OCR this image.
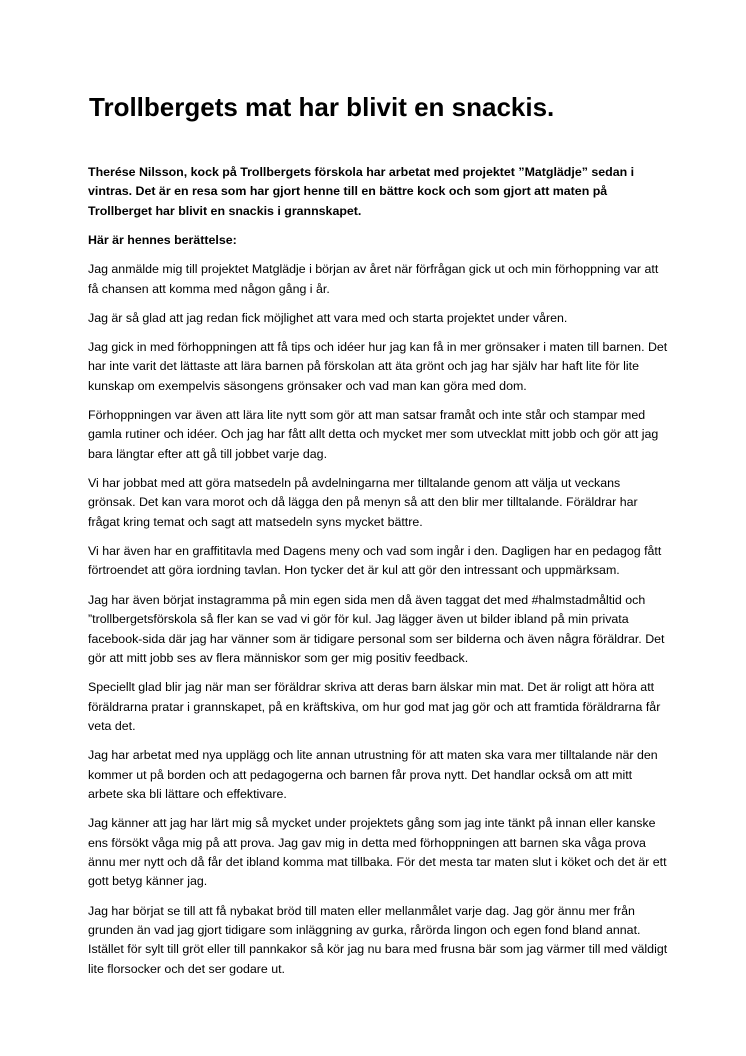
Trollbergets mat har blivit en snackis.

Therése Nilsson, kock på Trollbergets förskola har arbetat med projektet ”Matglädje” sedan i vintras. Det är en resa som har gjort henne till en bättre kock och som gjort att maten på Trollberget har blivit en snackis i grannskapet.

Här är hennes berättelse:

Jag anmälde mig till projektet Matglädje i början av året när förfrågan gick ut och min förhoppning var att få chansen att komma med någon gång i år.

Jag är så glad att jag redan fick möjlighet att vara med och starta projektet under våren.

Jag gick in med förhoppningen att få tips och idéer hur jag kan få in mer grönsaker i maten till barnen. Det har inte varit det lättaste att lära barnen på förskolan att äta grönt och jag har själv har haft lite för lite kunskap om exempelvis säsongens grönsaker och vad man kan göra med dom.

Förhoppningen var även att lära lite nytt som gör att man satsar framåt och inte står och stampar med gamla rutiner och idéer. Och jag har fått allt detta och mycket mer som utvecklat mitt jobb och gör att jag bara längtar efter att gå till jobbet varje dag.

Vi har jobbat med att göra matsedeln på avdelningarna mer tilltalande genom att välja ut veckans grönsak. Det kan vara morot och då lägga den på menyn så att den blir mer tilltalande. Föräldrar har frågat kring temat och sagt att matsedeln syns mycket bättre.

Vi har även har en graffititavla med Dagens meny och vad som ingår i den. Dagligen har en pedagog fått förtroendet att göra iordning tavlan. Hon tycker det är kul att gör den intressant och uppmärksam.

Jag har även börjat instagramma på min egen sida men då även taggat det med #halmstadmåltid och ”trollbergetsförskola så fler kan se vad vi gör för kul. Jag lägger även ut bilder ibland på min privata facebook-sida där jag har vänner som är tidigare personal som ser bilderna och även några föräldrar. Det gör att mitt jobb ses av flera människor som ger mig positiv feedback.

Speciellt glad blir jag när man ser föräldrar skriva att deras barn älskar min mat. Det är roligt att höra att föräldrarna pratar i grannskapet, på en kräftskiva, om hur god mat jag gör och att framtida föräldrarna får veta det.

Jag har arbetat med nya upplägg och lite annan utrustning för att maten ska vara mer tilltalande när den kommer ut på borden och att pedagogerna och barnen får prova nytt. Det handlar också om att mitt arbete ska bli lättare och effektivare.

Jag känner att jag har lärt mig så mycket under projektets gång som jag inte tänkt på innan eller kanske ens försökt våga mig på att prova. Jag gav mig in detta med förhoppningen att barnen ska våga prova ännu mer nytt och då får det ibland komma mat tillbaka. För det mesta tar maten slut i köket och det är ett gott betyg känner jag.

Jag har börjat se till att få nybakat bröd till maten eller mellanmålet varje dag. Jag gör ännu mer från grunden än vad jag gjort tidigare som inläggning av gurka, rårörda lingon och egen fond bland annat. Istället för sylt till gröt eller till pannkakor så kör jag nu bara med frusna bär som jag värmer till med väldigt lite florsocker och det ser godare ut.
